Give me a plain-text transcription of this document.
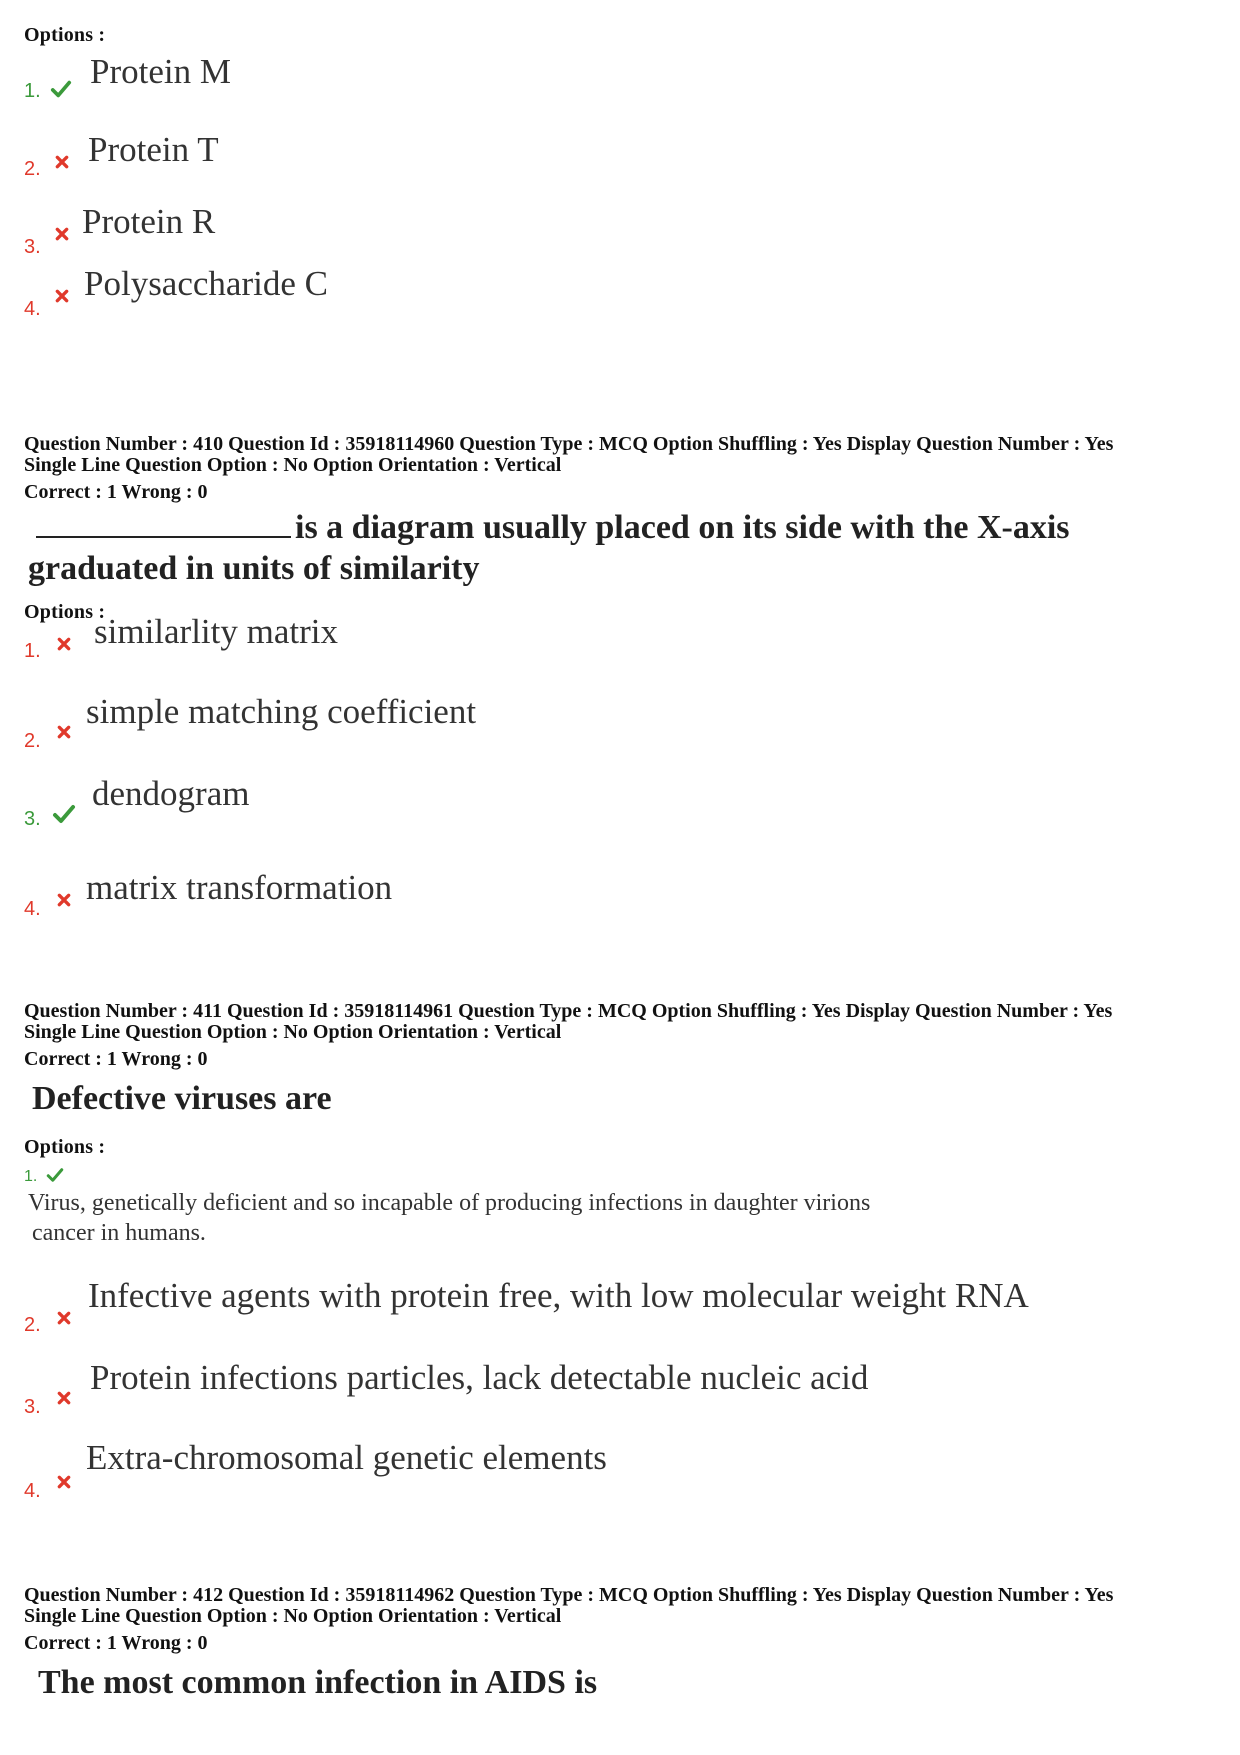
Options :
1. Protein M
2. Protein T
3.
Protein R
4.
Polysaccharide C
Question Number : 410 Question Id : 35918114960 Question Type : MCQ Option Shuffling : Yes Display Question Number : Yes
Single Line Question Option : No Option Orientation : Vertical
Correct : 1 Wrong : 0
is a diagram usually placed on its side with the X-axis
graduated in units of similarity
Options :
1. similarlity matrix
2.
simple matching coefficient
3.
dendogram
4.
matrix transformation
Question Number : 411 Question Id : 35918114961 Question Type : MCQ Option Shuffling : Yes Display Question Number : Yes
Single Line Question Option : No Option Orientation : Vertical
Correct : 1 Wrong : 0
Defective viruses are
Options :
1.
Virus, genetically deficient and so incapable of producing infections in daughter virions
cancer in humans.
2.
Infective agents with protein free, with low molecular weight RNA
3.
Protein infections particles, lack detectable nucleic acid
4.
Extra-chromosomal genetic elements
Question Number : 412 Question Id : 35918114962 Question Type : MCQ Option Shuffling : Yes Display Question Number : Yes
Single Line Question Option : No Option Orientation : Vertical
Correct : 1 Wrong : 0
The most common infection in AIDS is
